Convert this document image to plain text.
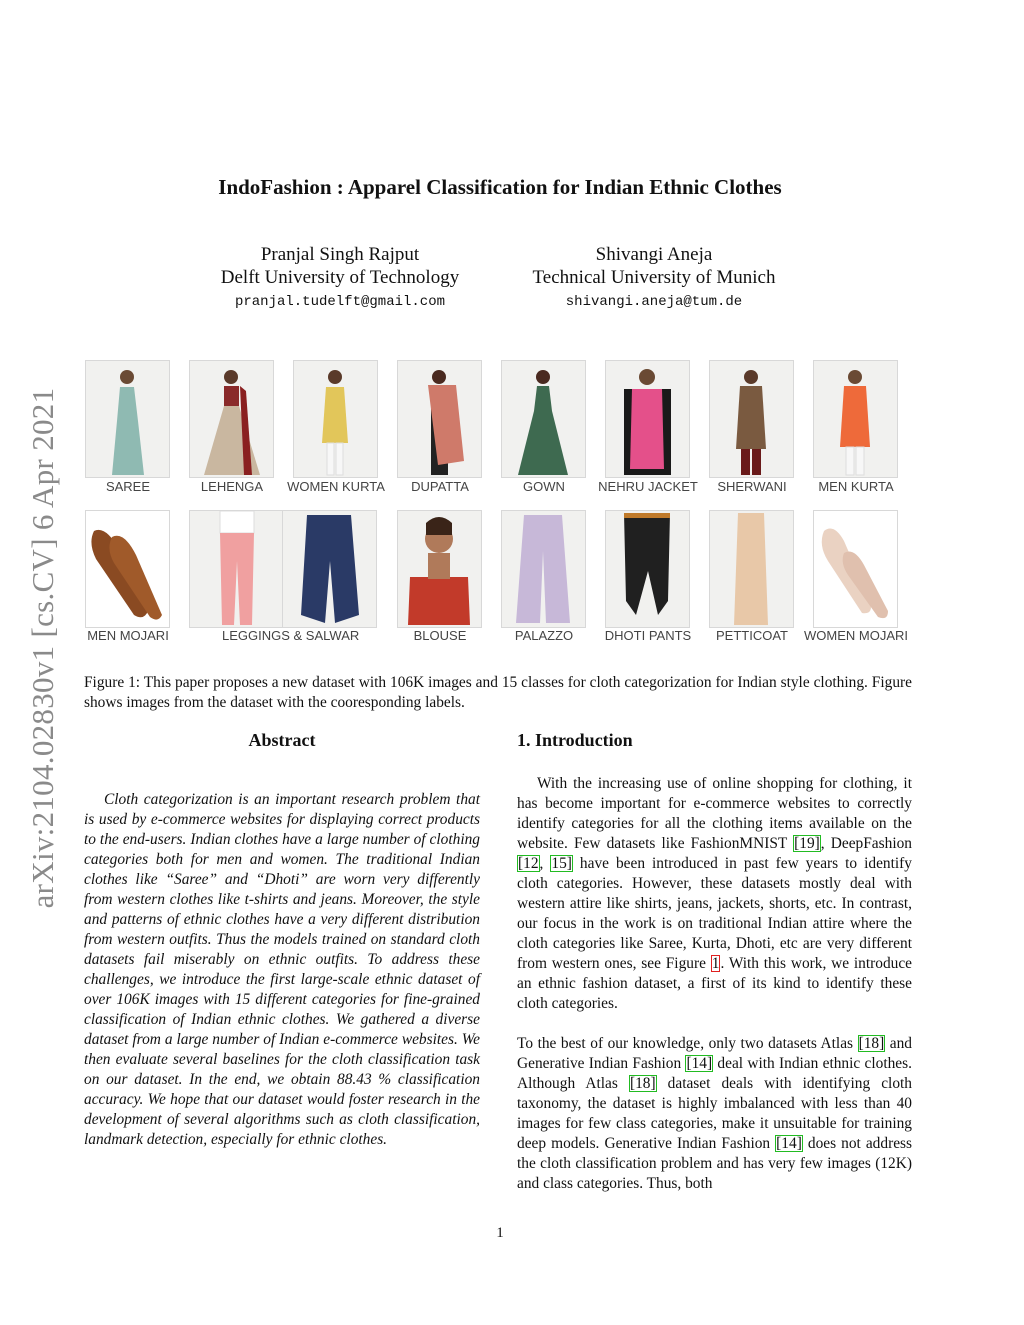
arXiv:2104.02830v1 [cs.CV] 6 Apr 2021
IndoFashion : Apparel Classification for Indian Ethnic Clothes
Pranjal Singh Rajput
Delft University of Technology
pranjal.tudelft@gmail.com
Shivangi Aneja
Technical University of Munich
shivangi.aneja@tum.de
SAREE	LEHENGA	WOMEN KURTA	DUPATTA	GOWN	NEHRU JACKET	SHERWANI	MEN KURTA
MEN MOJARI	LEGGINGS & SALWAR	BLOUSE	PALAZZO	DHOTI PANTS	PETTICOAT	WOMEN MOJARI

Figure 1: This paper proposes a new dataset with 106K images and 15 classes for cloth categorization for Indian style clothing. Figure shows images from the dataset with the cooresponding labels.

Abstract

Cloth categorization is an important research problem that is used by e-commerce websites for displaying correct products to the end-users. Indian clothes have a large number of clothing categories both for men and women. The traditional Indian clothes like “Saree” and “Dhoti” are worn very differently from western clothes like t-shirts and jeans. Moreover, the style and patterns of ethnic clothes have a very different distribution from western outfits. Thus the models trained on standard cloth datasets fail miserably on ethnic outfits. To address these challenges, we introduce the first large-scale ethnic dataset of over 106K images with 15 different categories for fine-grained classification of Indian ethnic clothes. We gathered a diverse dataset from a large number of Indian e-commerce websites. We then evaluate several baselines for the cloth classification task on our dataset. In the end, we obtain 88.43 % classification accuracy. We hope that our dataset would foster research in the development of several algorithms such as cloth classification, landmark detection, especially for ethnic clothes.

1. Introduction

With the increasing use of online shopping for clothing, it has become important for e-commerce websites to correctly identify categories for all the clothing items available on the website. Few datasets like FashionMNIST [19], DeepFashion [12, 15] have been introduced in past few years to identify cloth categories. However, these datasets mostly deal with western attire like shirts, jeans, jackets, shorts, etc. In contrast, our focus in the work is on traditional Indian attire where the cloth categories like Saree, Kurta, Dhoti, etc are very different from western ones, see Figure 1. With this work, we introduce an ethnic fashion dataset, a first of its kind to identify these cloth categories.

To the best of our knowledge, only two datasets Atlas [18] and Generative Indian Fashion [14] deal with Indian ethnic clothes. Although Atlas [18] dataset deals with identifying cloth taxonomy, the dataset is highly imbalanced with less than 40 images for few class categories, make it unsuitable for training deep models. Generative Indian Fashion [14] does not address the cloth classification problem and has very few images (12K) and class categories. Thus, both

1
